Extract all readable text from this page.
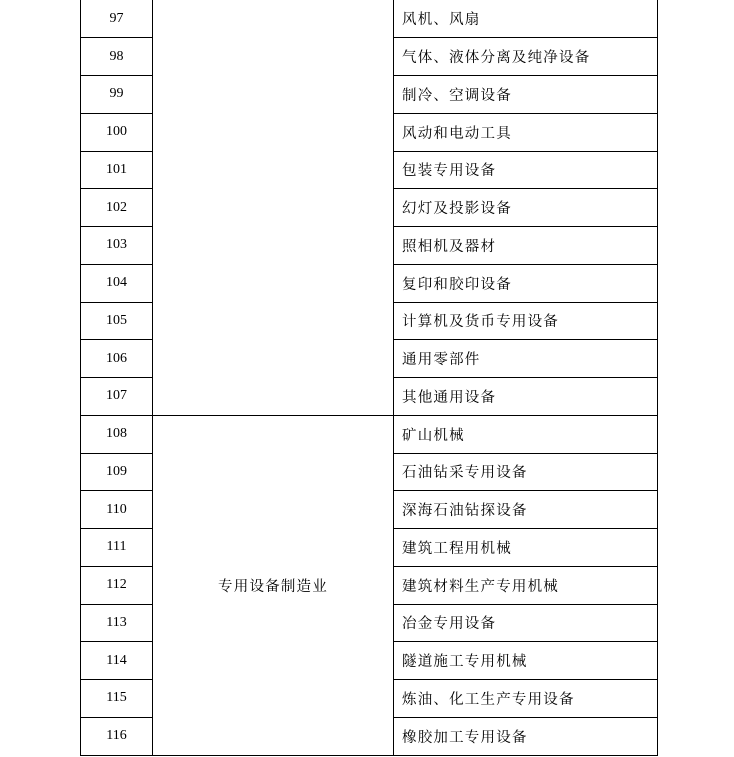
97		风机、风扇
98		气体、液体分离及纯净设备
99		制冷、空调设备
100		风动和电动工具
101		包装专用设备
102		幻灯及投影设备
103		照相机及器材
104		复印和胶印设备
105		计算机及货币专用设备
106		通用零部件
107		其他通用设备
108	专用设备制造业	矿山机械
109		石油钻采专用设备
110		深海石油钻探设备
111		建筑工程用机械
112		建筑材料生产专用机械
113		冶金专用设备
114		隧道施工专用机械
115		炼油、化工生产专用设备
116		橡胶加工专用设备
